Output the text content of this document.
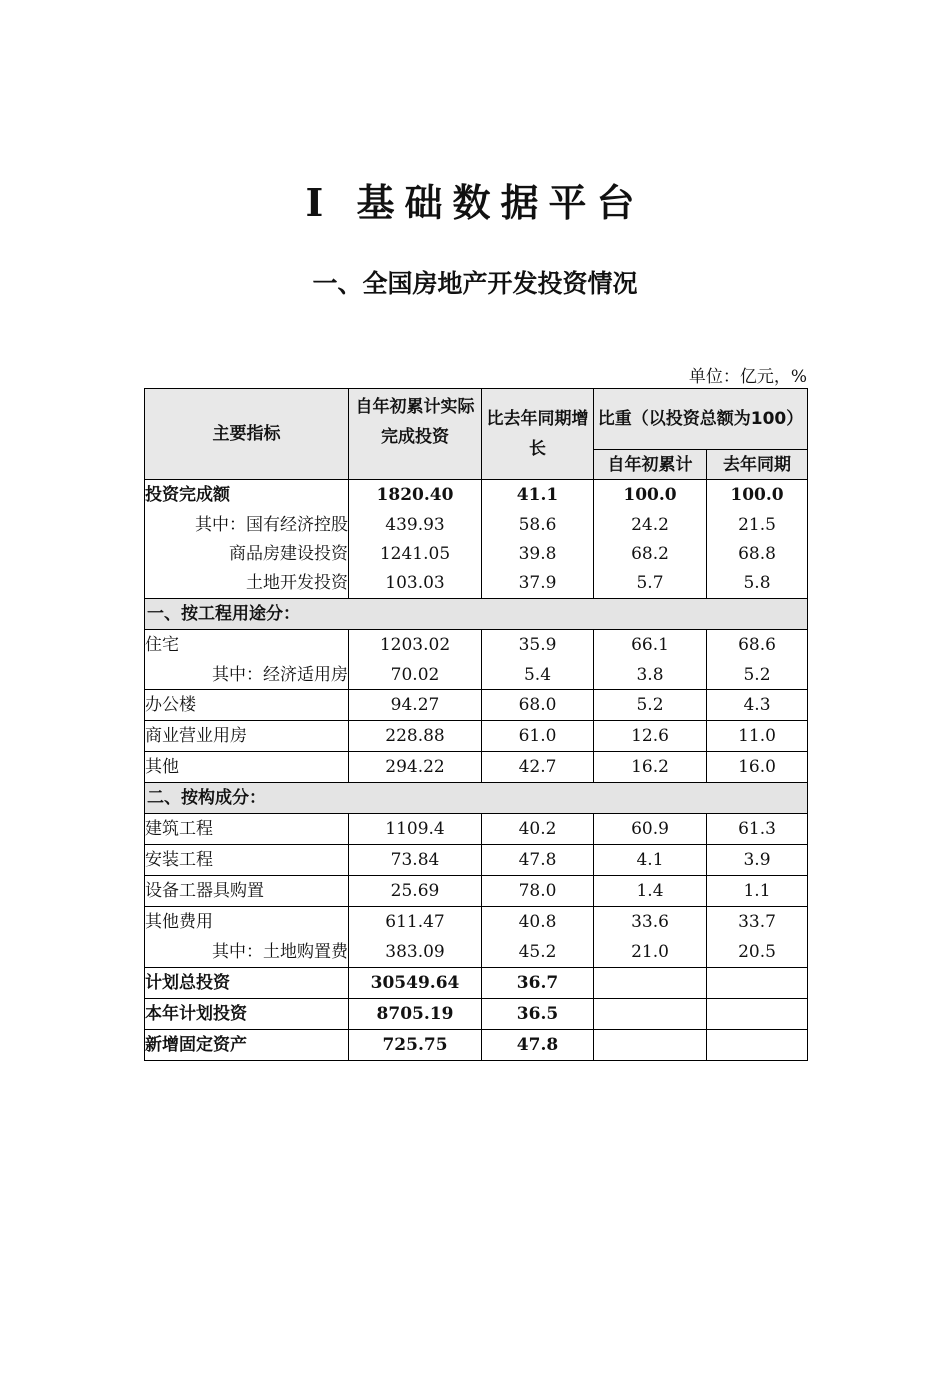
Ⅰ 基础数据平台
一、全国房地产开发投资情况
单位：亿元，%
主要指标	自年初累计实际完成投资	比去年同期增长	比重（以投资总额为100）	
			自年初累计	去年同期
投资完成额	1820.40	41.1	100.0	100.0
其中：国有经济控股	439.93	58.6	24.2	21.5
商品房建设投资	1241.05	39.8	68.2	68.8
土地开发投资	103.03	37.9	5.7	5.8
一、按工程用途分：				
住宅	1203.02	35.9	66.1	68.6
其中：经济适用房	70.02	5.4	3.8	5.2
办公楼	94.27	68.0	5.2	4.3
商业营业用房	228.88	61.0	12.6	11.0
其他	294.22	42.7	16.2	16.0
二、按构成分：				
建筑工程	1109.4	40.2	60.9	61.3
安装工程	73.84	47.8	4.1	3.9
设备工器具购置	25.69	78.0	1.4	1.1
其他费用	611.47	40.8	33.6	33.7
其中：土地购置费	383.09	45.2	21.0	20.5
计划总投资	30549.64	36.7		
本年计划投资	8705.19	36.5		
新增固定资产	725.75	47.8		
